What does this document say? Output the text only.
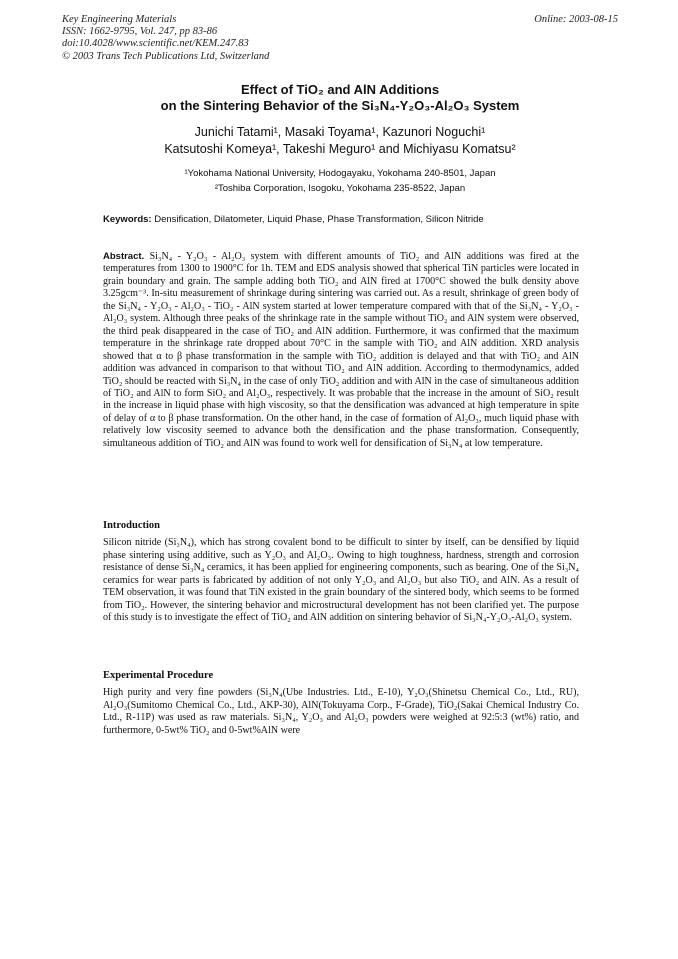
Key Engineering Materials
ISSN: 1662-9795, Vol. 247, pp 83-86
doi:10.4028/www.scientific.net/KEM.247.83
© 2003 Trans Tech Publications Ltd, Switzerland
Online: 2003-08-15
Effect of TiO₂ and AlN Additions
on the Sintering Behavior of the Si₃N₄-Y₂O₃-Al₂O₃ System
Junichi Tatami¹, Masaki Toyama¹, Kazunori Noguchi¹
Katsutoshi Komeya¹, Takeshi Meguro¹ and Michiyasu Komatsu²
¹Yokohama National University, Hodogayaku, Yokohama 240-8501, Japan
²Toshiba Corporation, Isogoku, Yokohama 235-8522, Japan
Keywords: Densification, Dilatometer, Liquid Phase, Phase Transformation, Silicon Nitride
Abstract. Si₃N₄ - Y₂O₃ - Al₂O₃ system with different amounts of TiO₂ and AlN additions was fired at the temperatures from 1300 to 1900°C for 1h. TEM and EDS analysis showed that spherical TiN particles were located in grain boundary and grain. The sample adding both TiO₂ and AlN fired at 1700°C showed the bulk density above 3.25gcm⁻³. In-situ measurement of shrinkage during sintering was carried out. As a result, shrinkage of green body of the Si₃N₄ - Y₂O₃ - Al₂O₃ - TiO₂ - AlN system started at lower temperature compared with that of the Si₃N₄ - Y₂O₃ - Al₂O₃ system. Although three peaks of the shrinkage rate in the sample without TiO₂ and AlN system were observed, the third peak disappeared in the case of TiO₂ and AlN addition. Furthermore, it was confirmed that the maximum temperature in the shrinkage rate dropped about 70°C in the sample with TiO₂ and AlN addition. XRD analysis showed that α to β phase transformation in the sample with TiO₂ addition is delayed and that with TiO₂ and AlN addition was advanced in comparison to that without TiO₂ and AlN addition. According to thermodynamics, added TiO₂ should be reacted with Si₃N₄ in the case of only TiO₂ addition and with AlN in the case of simultaneous addition of TiO₂ and AlN to form SiO₂ and Al₂O₃, respectively. It was probable that the increase in the amount of SiO₂ result in the increase in liquid phase with high viscosity, so that the densification was advanced at high temperature in spite of delay of α to β phase transformation. On the other hand, in the case of formation of Al₂O₃, much liquid phase with relatively low viscosity seemed to advance both the densification and the phase transformation. Consequently, simultaneous addition of TiO₂ and AlN was found to work well for densification of Si₃N₄ at low temperature.
Introduction
Silicon nitride (Si₃N₄), which has strong covalent bond to be difficult to sinter by itself, can be densified by liquid phase sintering using additive, such as Y₂O₃ and Al₂O₃. Owing to high toughness, hardness, strength and corrosion resistance of dense Si₃N₄ ceramics, it has been applied for engineering components, such as bearing. One of the Si₃N₄ ceramics for wear parts is fabricated by addition of not only Y₂O₃ and Al₂O₃ but also TiO₂ and AlN. As a result of TEM observation, it was found that TiN existed in the grain boundary of the sintered body, which seems to be formed from TiO₂. However, the sintering behavior and microstructural development has not been clarified yet. The purpose of this study is to investigate the effect of TiO₂ and AlN addition on sintering behavior of Si₃N₄-Y₂O₃-Al₂O₃ system.
Experimental Procedure
High purity and very fine powders (Si₃N₄(Ube Industries. Ltd., E-10), Y₂O₃(Shinetsu Chemical Co., Ltd., RU), Al₂O₃(Sumitomo Chemical Co., Ltd., AKP-30), AlN(Tokuyama Corp., F-Grade), TiO₂(Sakai Chemical Industry Co. Ltd., R-11P) was used as raw materials. Si₃N₄, Y₂O₃ and Al₂O₃ powders were weighed at 92:5:3 (wt%) ratio, and furthermore, 0-5wt% TiO₂ and 0-5wt%AlN were
